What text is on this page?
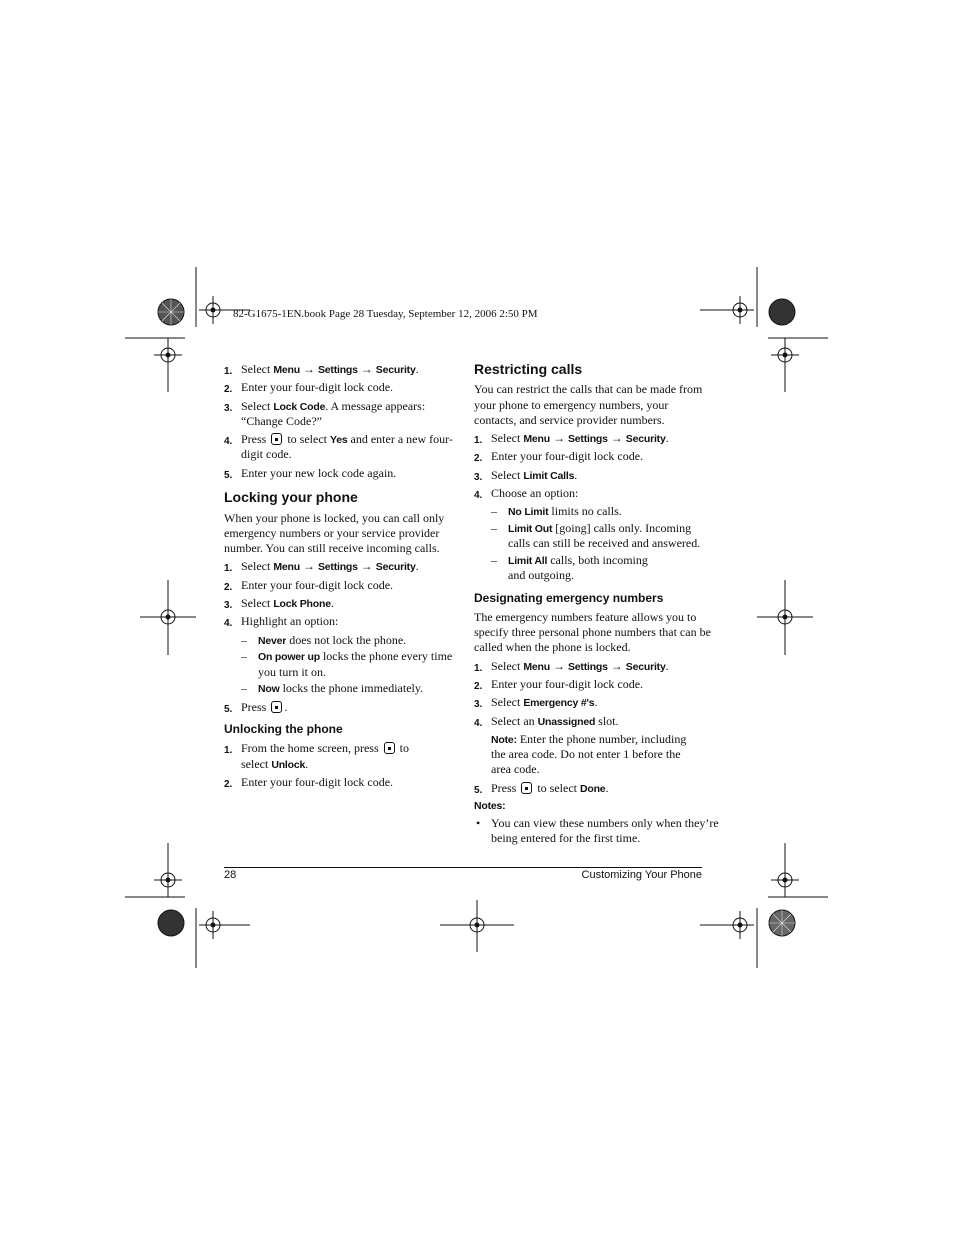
82-G1675-1EN.book Page 28 Tuesday, September 12, 2006 2:50 PM
1. Select Menu → Settings → Security.
2. Enter your four-digit lock code.
3. Select Lock Code. A message appears:
“Change Code?”
4. Press  to select Yes and enter a new four-
digit code.
5. Enter your new lock code again.
Locking your phone
When your phone is locked, you can call only
emergency numbers or your service provider
number. You can still receive incoming calls.
1. Select Menu → Settings → Security.
2. Enter your four-digit lock code.
3. Select Lock Phone.
4. Highlight an option:
– Never does not lock the phone.
– On power up locks the phone every time
you turn it on.
– Now locks the phone immediately.
5. Press .
Unlocking the phone
1. From the home screen, press  to
select Unlock.
2. Enter your four-digit lock code.
Restricting calls
You can restrict the calls that can be made from
your phone to emergency numbers, your
contacts, and service provider numbers.
1. Select Menu → Settings → Security.
2. Enter your four-digit lock code.
3. Select Limit Calls.
4. Choose an option:
– No Limit limits no calls.
– Limit Out [going] calls only. Incoming
calls can still be received and answered.
– Limit All calls, both incoming
and outgoing.
Designating emergency numbers
The emergency numbers feature allows you to
specify three personal phone numbers that can be
called when the phone is locked.
1. Select Menu → Settings → Security.
2. Enter your four-digit lock code.
3. Select Emergency #'s.
4. Select an Unassigned slot.
Note: Enter the phone number, including
the area code. Do not enter 1 before the
area code.
5. Press  to select Done.
Notes:
• You can view these numbers only when they’re
being entered for the first time.
28	Customizing Your Phone
